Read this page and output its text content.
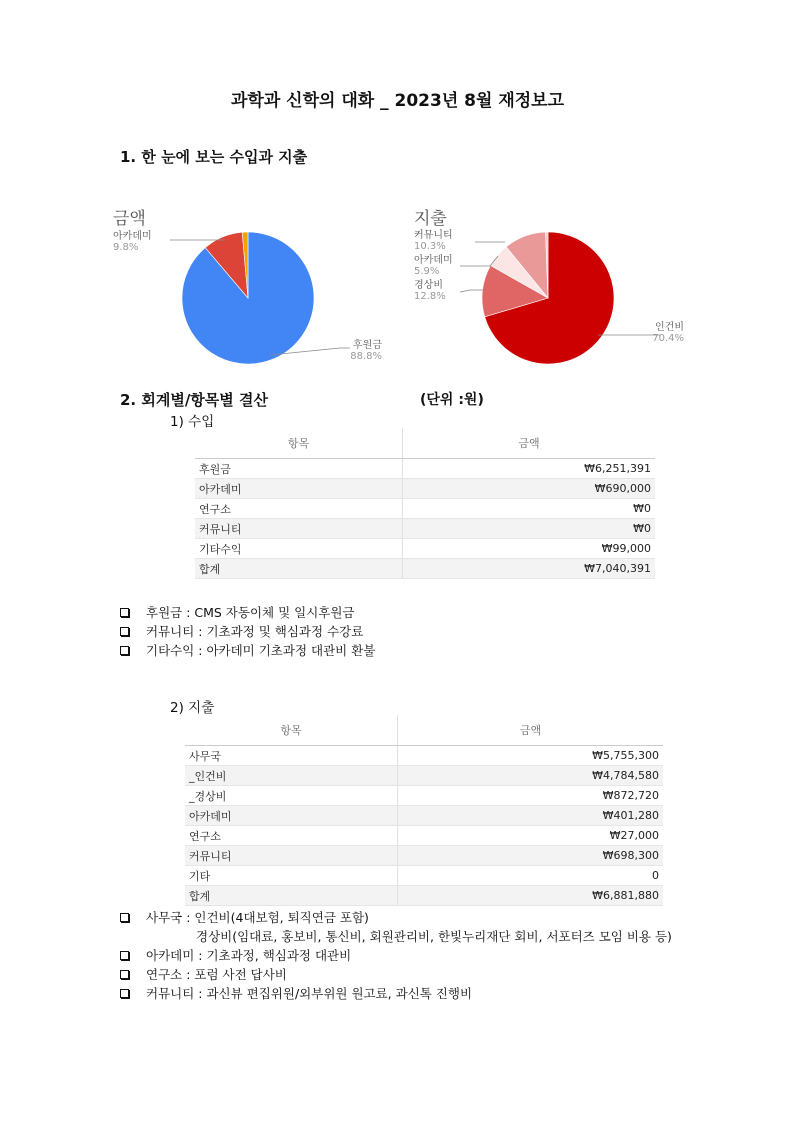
과학과 신학의 대화 _ 2023년 8월 재정보고
1. 한 눈에 보는 수입과 지출
금액
아카데미
9.8%
후원금
88.8%
지출
커뮤니티
10.3%
아카데미
5.9%
경상비
12.8%
인건비
70.4%
2. 회계별/항목별 결산	(단위 :원)
1) 수입
항목	금액
후원금	₩6,251,391
아카데미	₩690,000
연구소	₩0
커뮤니티	₩0
기타수익	₩99,000
합계	₩7,040,391
후원금 : CMS 자동이체 및 일시후원금
커뮤니티 : 기초과정 및 핵심과정 수강료
기타수익 : 아카데미 기초과정 대관비 환불
2) 지출
항목	금액
사무국	₩5,755,300
_인건비	₩4,784,580
_경상비	₩872,720
아카데미	₩401,280
연구소	₩27,000
커뮤니티	₩698,300
기타	0
합계	₩6,881,880
사무국 : 인건비(4대보험, 퇴직연금 포함)
경상비(임대료, 홍보비, 통신비, 회원관리비, 한빛누리재단 회비, 서포터즈 모임 비용 등)
아카데미 : 기초과정, 핵심과정 대관비
연구소 : 포럼 사전 답사비
커뮤니티 : 과신뷰 편집위원/외부위원 원고료, 과신톡 진행비
